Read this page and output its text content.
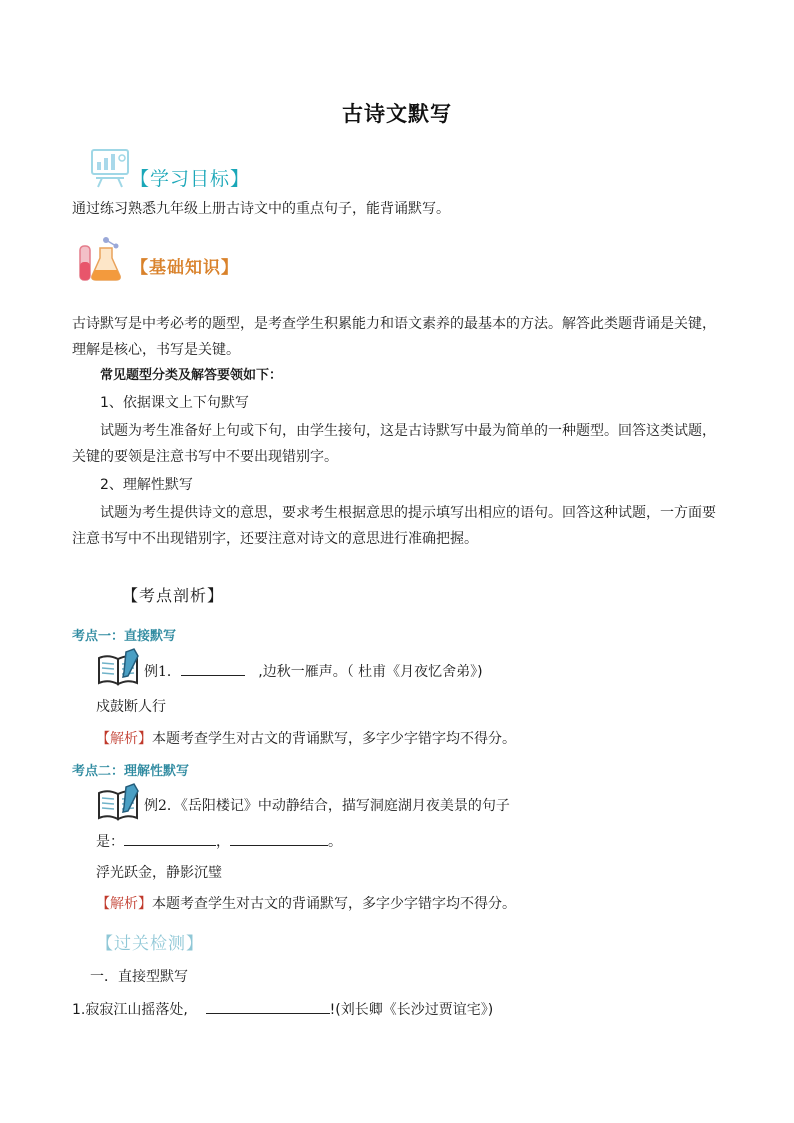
古诗文默写
【学习目标】
通过练习熟悉九年级上册古诗文中的重点句子，能背诵默写。
【基础知识】
古诗默写是中考必考的题型，是考查学生积累能力和语文素养的最基本的方法。解答此类题背诵是关键，
理解是核心，书写是关键。
常见题型分类及解答要领如下：
1、依据课文上下句默写
试题为考生准备好上句或下句，由学生接句，这是古诗默写中最为简单的一种题型。回答这类试题，
关键的要领是注意书写中不要出现错别字。
2、理解性默写
试题为考生提供诗文的意思，要求考生根据意思的提示填写出相应的语句。回答这种试题，一方面要
注意书写中不出现错别字，还要注意对诗文的意思进行准确把握。
【考点剖析】
考点一：直接默写
例1．	,边秋一雁声。（ 杜甫《月夜忆舍弟》)
戍鼓断人行
【解析】本题考查学生对古文的背诵默写，多字少字错字均不得分。
考点二：理解性默写
例2．《岳阳楼记》中动静结合，描写洞庭湖月夜美景的句子
是：	，	。
浮光跃金，静影沉璧
【解析】本题考查学生对古文的背诵默写，多字少字错字均不得分。
【过关检测】
一．直接型默写
1.寂寂江山摇落处,	!(刘长卿《长沙过贾谊宅》)
